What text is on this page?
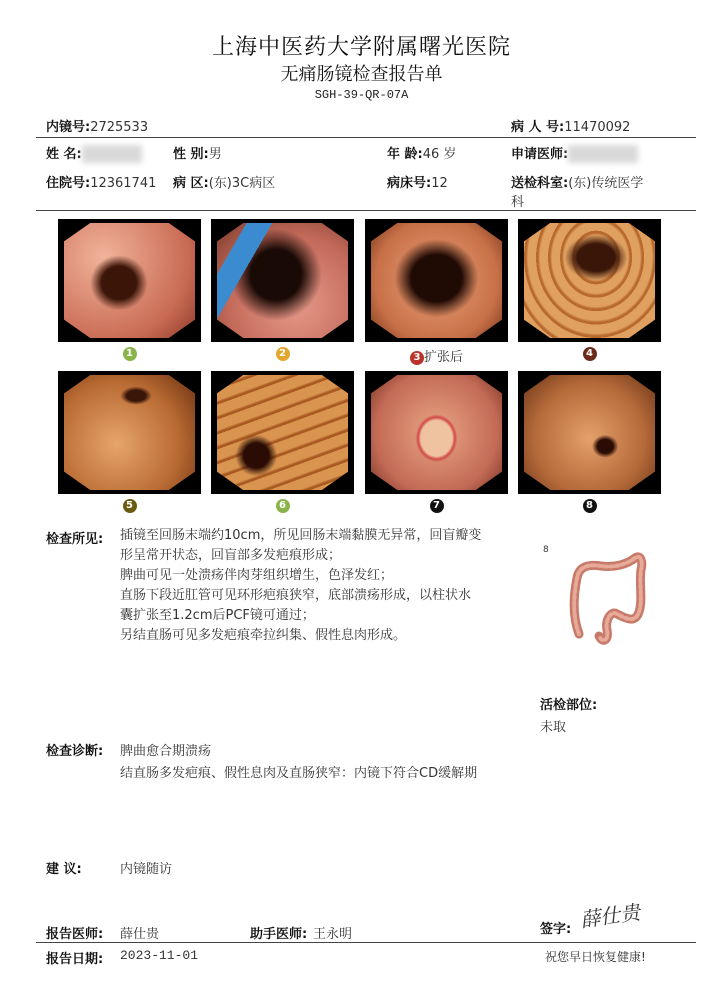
上海中医药大学附属曙光医院
无痛肠镜检查报告单
SGH-39-QR-07A
内镜号:2725533	病 人 号:11470092
姓 名:	性 别:男	年 龄:46 岁	申请医师:
住院号:12361741 病 区:(东)3C病区	病床号:12	送检科室:(东)传统医学
科
1	2	3 扩张后	4
5	6	7	8
检查所见: 插镜至回肠末端约10cm，所见回肠末端黏膜无异常，回盲瓣变
形呈常开状态，回盲部多发疤痕形成；
脾曲可见一处溃疡伴肉芽组织增生，色泽发红；
直肠下段近肛管可见环形疤痕狭窄，底部溃疡形成，以柱状水
囊扩张至1.2cm后PCF镜可通过；
另结直肠可见多发疤痕牵拉纠集、假性息肉形成。
8
活检部位:
未取
检查诊断: 脾曲愈合期溃疡
结直肠多发疤痕、假性息肉及直肠狭窄：内镜下符合CD缓解期
建 议:	内镜随访
报告医师: 薛仕贵	助手医师: 王永明	签字: 薛仕贵
报告日期: 2023-11-01	祝您早日恢复健康!
